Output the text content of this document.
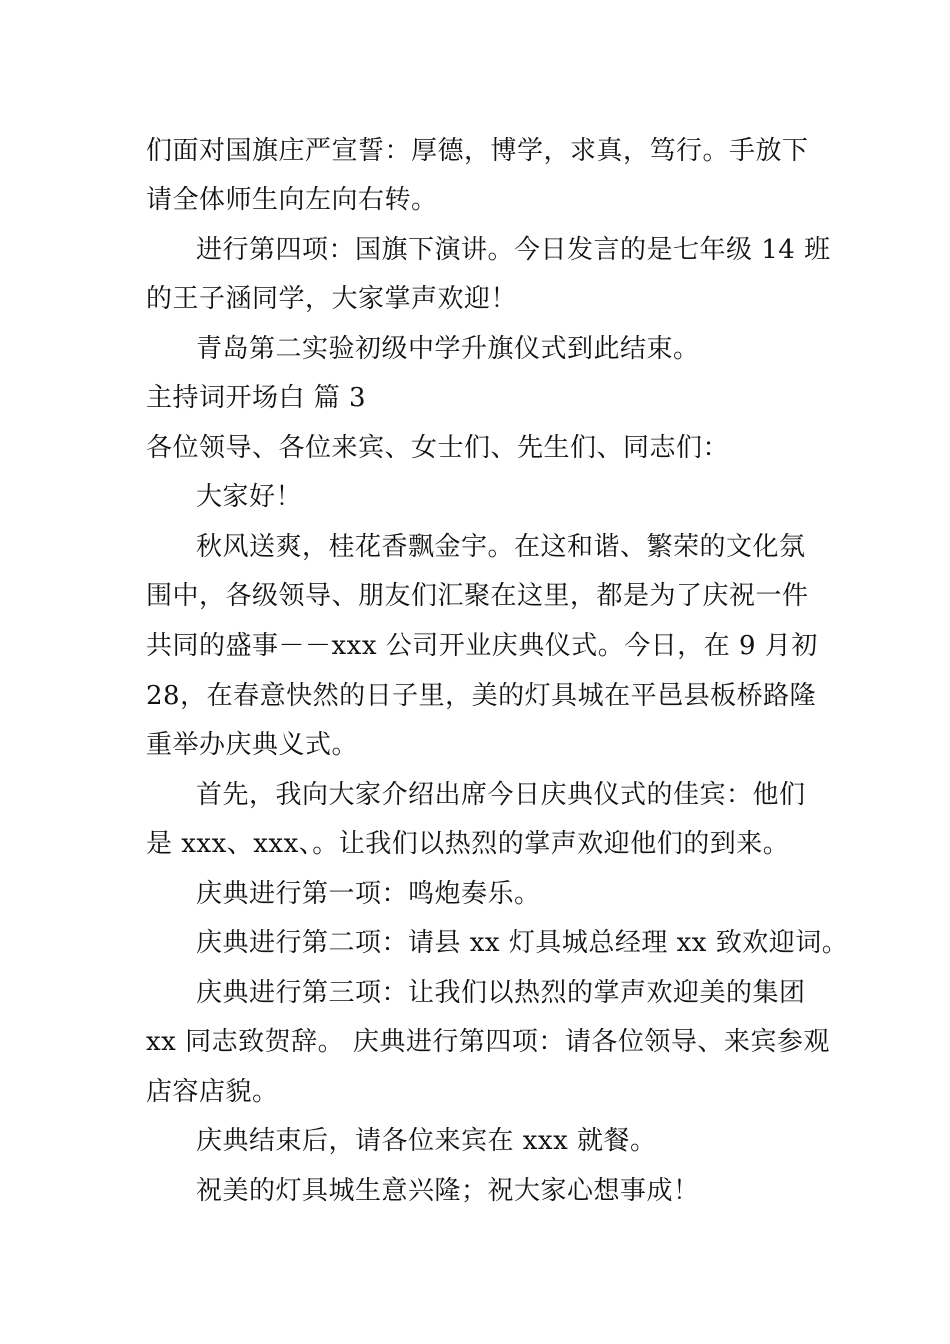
们面对国旗庄严宣誓：厚德，博学，求真，笃行。手放下
请全体师生向左向右转。
进行第四项：国旗下演讲。今日发言的是七年级 14 班
的王子涵同学，大家掌声欢迎！
青岛第二实验初级中学升旗仪式到此结束。
主持词开场白 篇 3
各位领导、各位来宾、女士们、先生们、同志们：
大家好！
秋风送爽，桂花香飘金宇。在这和谐、繁荣的文化氛
围中，各级领导、朋友们汇聚在这里，都是为了庆祝一件
共同的盛事－－xxx 公司开业庆典仪式。今日，在 9 月初
28，在春意快然的日子里，美的灯具城在平邑县板桥路隆
重举办庆典义式。
首先，我向大家介绍出席今日庆典仪式的佳宾：他们
是 xxx、xxx、。让我们以热烈的掌声欢迎他们的到来。
庆典进行第一项：鸣炮奏乐。
庆典进行第二项：请县 xx 灯具城总经理 xx 致欢迎词。
庆典进行第三项：让我们以热烈的掌声欢迎美的集团
xx 同志致贺辞。 庆典进行第四项：请各位领导、来宾参观
店容店貌。
庆典结束后，请各位来宾在 xxx 就餐。
祝美的灯具城生意兴隆；祝大家心想事成！
